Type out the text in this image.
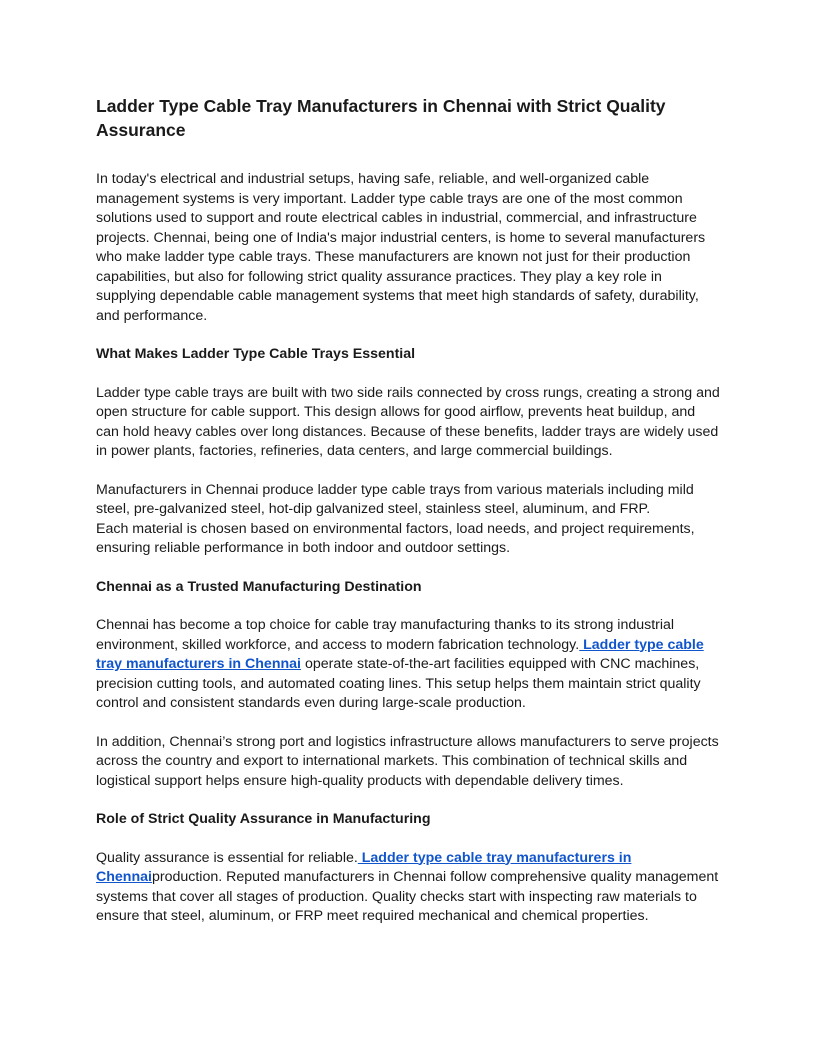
Ladder Type Cable Tray Manufacturers in Chennai with Strict Quality Assurance

In today's electrical and industrial setups, having safe, reliable, and well-organized cable management systems is very important. Ladder type cable trays are one of the most common solutions used to support and route electrical cables in industrial, commercial, and infrastructure projects. Chennai, being one of India's major industrial centers, is home to several manufacturers who make ladder type cable trays. These manufacturers are known not just for their production capabilities, but also for following strict quality assurance practices. They play a key role in supplying dependable cable management systems that meet high standards of safety, durability, and performance.

What Makes Ladder Type Cable Trays Essential

Ladder type cable trays are built with two side rails connected by cross rungs, creating a strong and open structure for cable support. This design allows for good airflow, prevents heat buildup, and can hold heavy cables over long distances. Because of these benefits, ladder trays are widely used in power plants, factories, refineries, data centers, and large commercial buildings.

Manufacturers in Chennai produce ladder type cable trays from various materials including mild steel, pre-galvanized steel, hot-dip galvanized steel, stainless steel, aluminum, and FRP.
Each material is chosen based on environmental factors, load needs, and project requirements, ensuring reliable performance in both indoor and outdoor settings.

Chennai as a Trusted Manufacturing Destination

Chennai has become a top choice for cable tray manufacturing thanks to its strong industrial environment, skilled workforce, and access to modern fabrication technology. Ladder type cable tray manufacturers in Chennai operate state-of-the-art facilities equipped with CNC machines, precision cutting tools, and automated coating lines. This setup helps them maintain strict quality control and consistent standards even during large-scale production.

In addition, Chennai’s strong port and logistics infrastructure allows manufacturers to serve projects across the country and export to international markets. This combination of technical skills and logistical support helps ensure high-quality products with dependable delivery times.

Role of Strict Quality Assurance in Manufacturing

Quality assurance is essential for reliable. Ladder type cable tray manufacturers in Chennaiproduction. Reputed manufacturers in Chennai follow comprehensive quality management systems that cover all stages of production. Quality checks start with inspecting raw materials to ensure that steel, aluminum, or FRP meet required mechanical and chemical properties.
